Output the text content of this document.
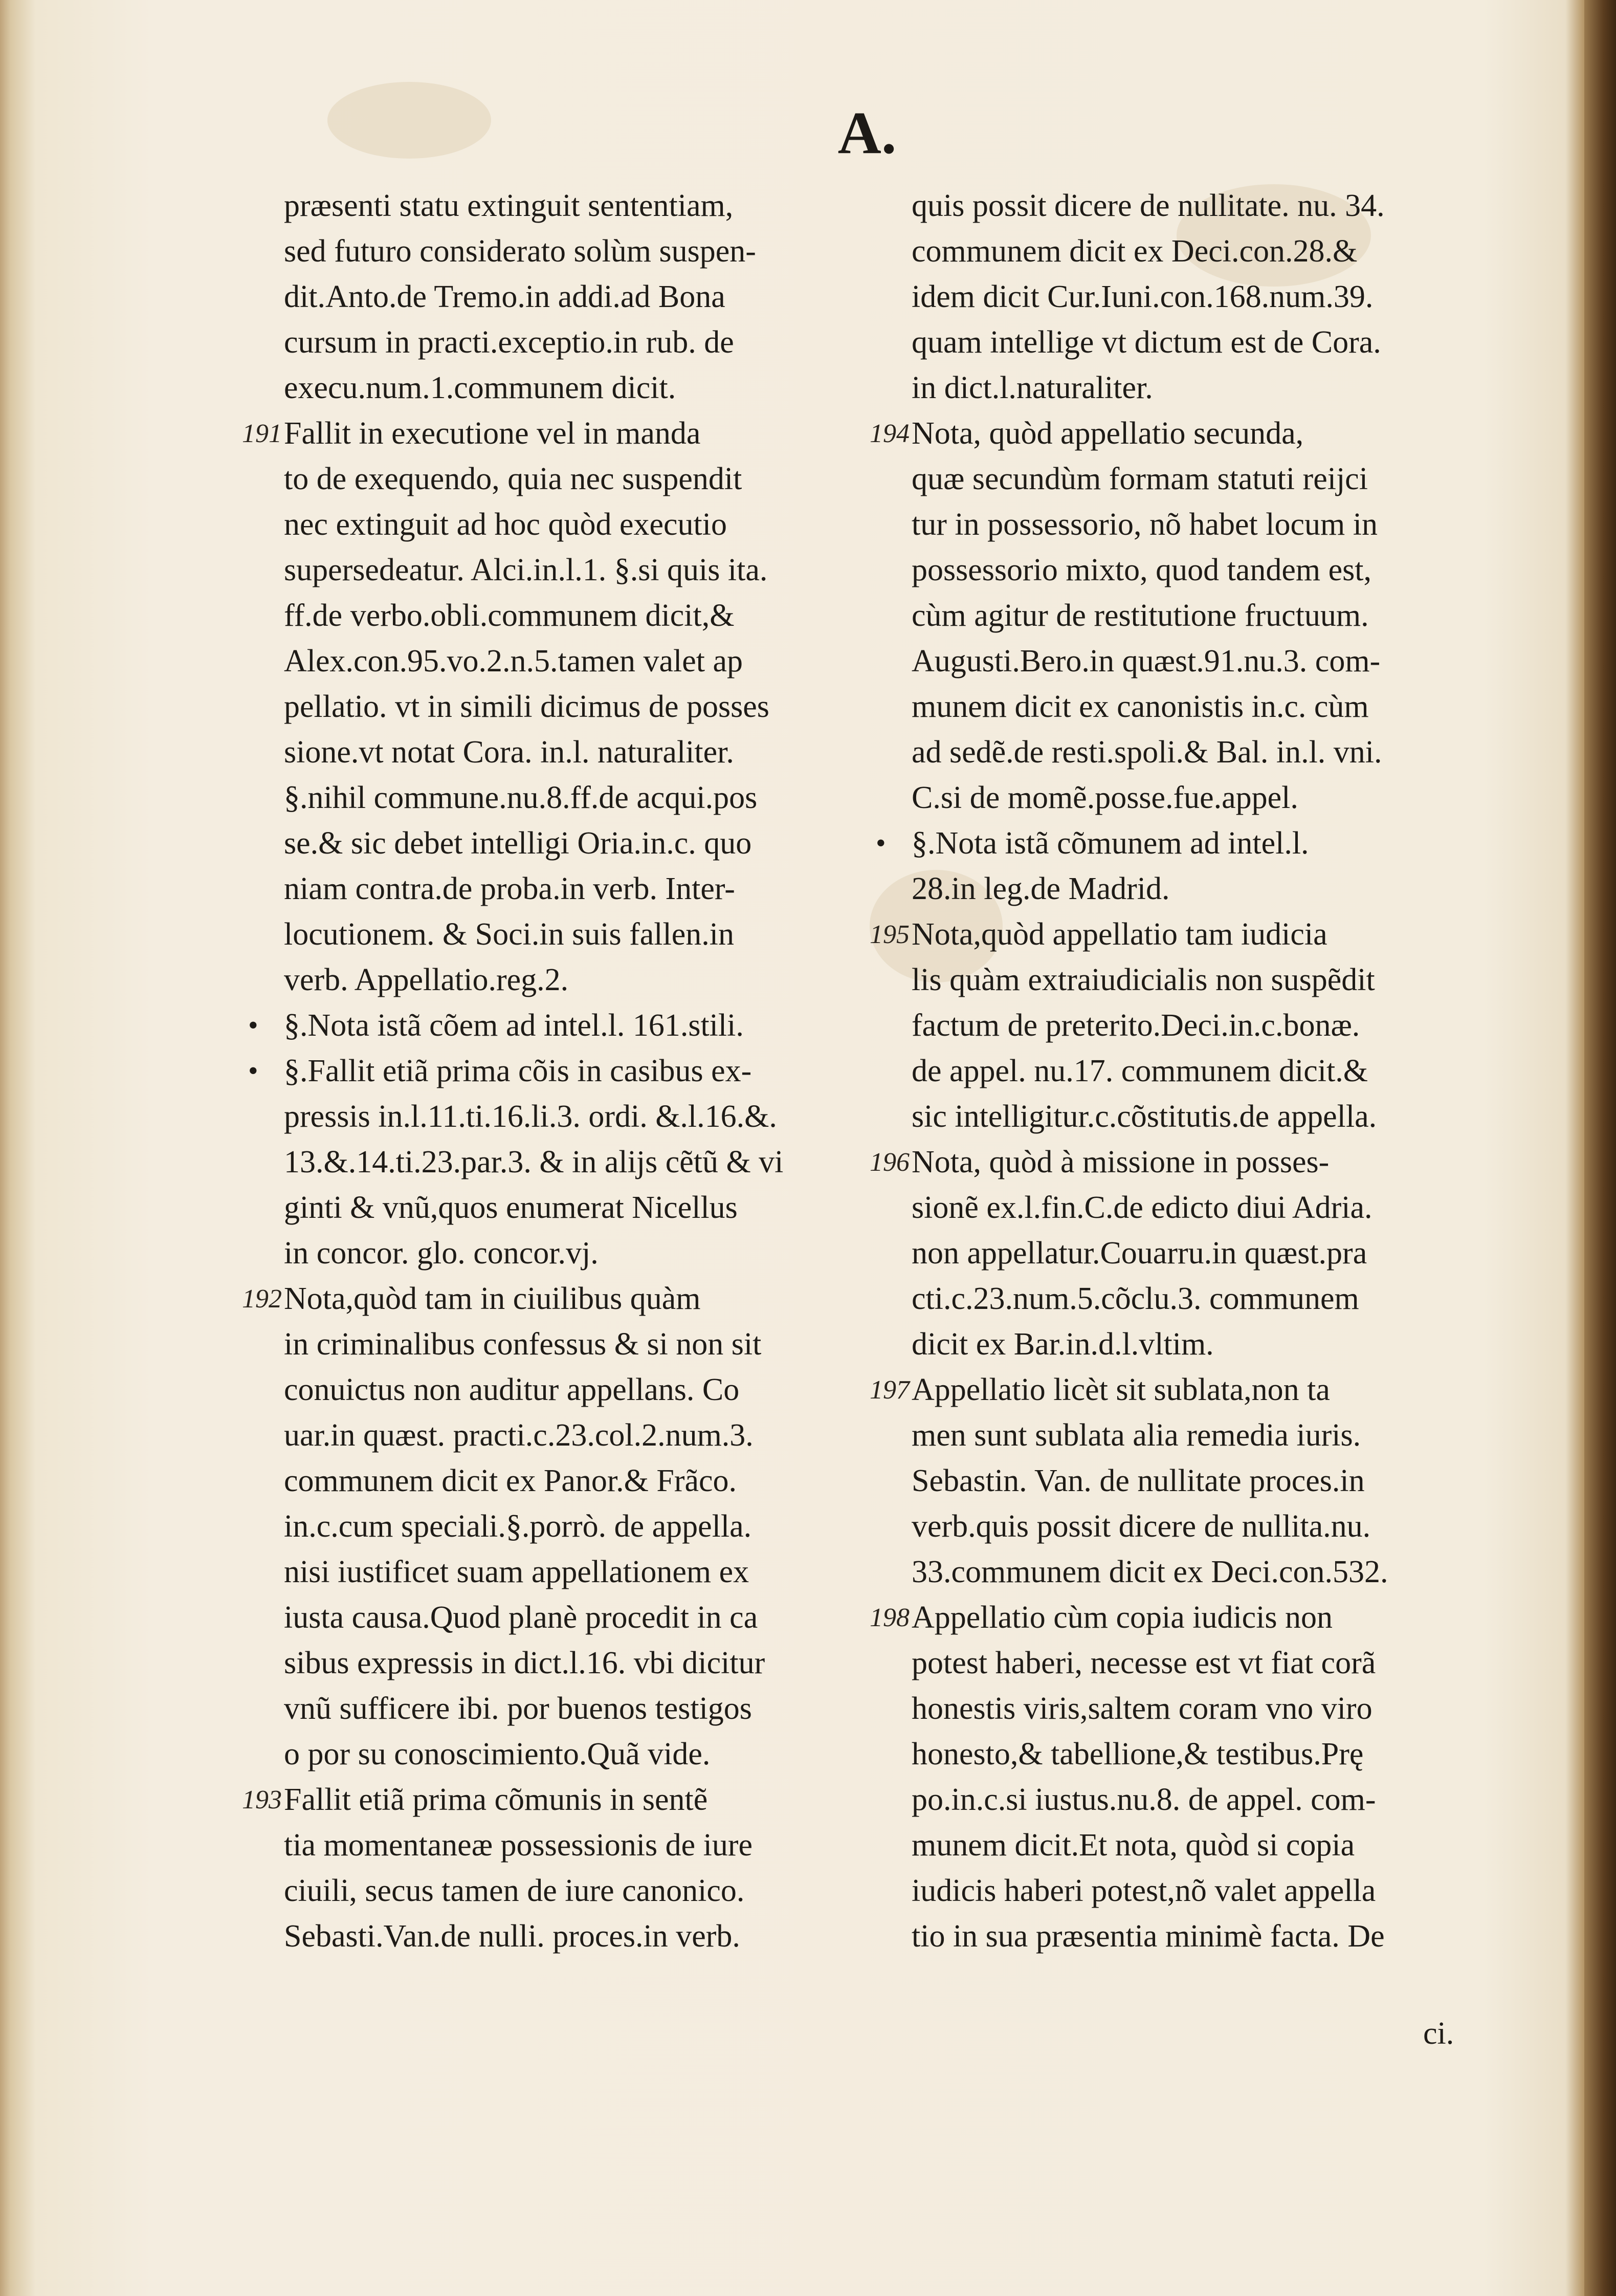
A.
præsenti statu extinguit sententiam,
sed futuro considerato solùm suspen-
dit.Anto.de Tremo.in addi.ad Bona
cursum in practi.exceptio.in rub. de
execu.num.1.communem dicit.
191 Fallit in executione vel in manda
to de exequendo, quia nec suspendit
nec extinguit ad hoc quòd executio
supersedeatur. Alci.in.l.1. §.si quis ita.
ff.de verbo.obli.communem dicit,&
Alex.con.95.vo.2.n.5.tamen valet ap
pellatio. vt in simili dicimus de posses
sione.vt notat Cora. in.l. naturaliter.
§.nihil commune.nu.8.ff.de acqui.pos
se.& sic debet intelligi Oria.in.c. quo
niam contra.de proba.in verb. Inter-
locutionem. & Soci.in suis fallen.in
verb. Appellatio.reg.2.
• §.Nota istã cõem ad intel.l. 161.stili.
• §.Fallit etiã prima cõis in casibus ex-
pressis in.l.11.ti.16.li.3. ordi. &.l.16.&.
13.&.14.ti.23.par.3. & in alijs cẽtũ & vi
ginti & vnũ,quos enumerat Nicellus
in concor. glo. concor.vj.
192 Nota,quòd tam in ciuilibus quàm
in criminalibus confessus & si non sit
conuictus non auditur appellans. Co
uar.in quæst. practi.c.23.col.2.num.3.
communem dicit ex Panor.& Frãco.
in.c.cum speciali.§.porrò. de appella.
nisi iustificet suam appellationem ex
iusta causa.Quod planè procedit in ca
sibus expressis in dict.l.16. vbi dicitur
vnũ sufficere ibi. por buenos testigos
o por su conoscimiento.Quã vide.
193 Fallit etiã prima cõmunis in sentẽ
tia momentaneæ possessionis de iure
ciuili, secus tamen de iure canonico.
Sebasti.Van.de nulli. proces.in verb.
quis possit dicere de nullitate. nu. 34.
communem dicit ex Deci.con.28.&
idem dicit Cur.Iuni.con.168.num.39.
quam intellige vt dictum est de Cora.
in dict.l.naturaliter.
194 Nota, quòd appellatio secunda,
quæ secundùm formam statuti reijci
tur in possessorio, nõ habet locum in
possessorio mixto, quod tandem est,
cùm agitur de restitutione fructuum.
Augusti.Bero.in quæst.91.nu.3. com-
munem dicit ex canonistis in.c. cùm
ad sedẽ.de resti.spoli.& Bal. in.l. vni.
C.si de momẽ.posse.fue.appel.
• §.Nota istã cõmunem ad intel.l.
28.in leg.de Madrid.
195 Nota,quòd appellatio tam iudicia
lis quàm extraiudicialis non suspẽdit
factum de preterito.Deci.in.c.bonæ.
de appel. nu.17. communem dicit.&
sic intelligitur.c.cõstitutis.de appella.
196 Nota, quòd à missione in posses-
sionẽ ex.l.fin.C.de edicto diui Adria.
non appellatur.Couarru.in quæst.pra
cti.c.23.num.5.cõclu.3. communem
dicit ex Bar.in.d.l.vltim.
197 Appellatio licèt sit sublata,non ta
men sunt sublata alia remedia iuris.
Sebastin. Van. de nullitate proces.in
verb.quis possit dicere de nullita.nu.
33.communem dicit ex Deci.con.532.
198 Appellatio cùm copia iudicis non
potest haberi, necesse est vt fiat corã
honestis viris,saltem coram vno viro
honesto,& tabellione,& testibus.Prę
po.in.c.si iustus.nu.8. de appel. com-
munem dicit.Et nota, quòd si copia
iudicis haberi potest,nõ valet appella
tio in sua præsentia minimè facta. De
ci.
